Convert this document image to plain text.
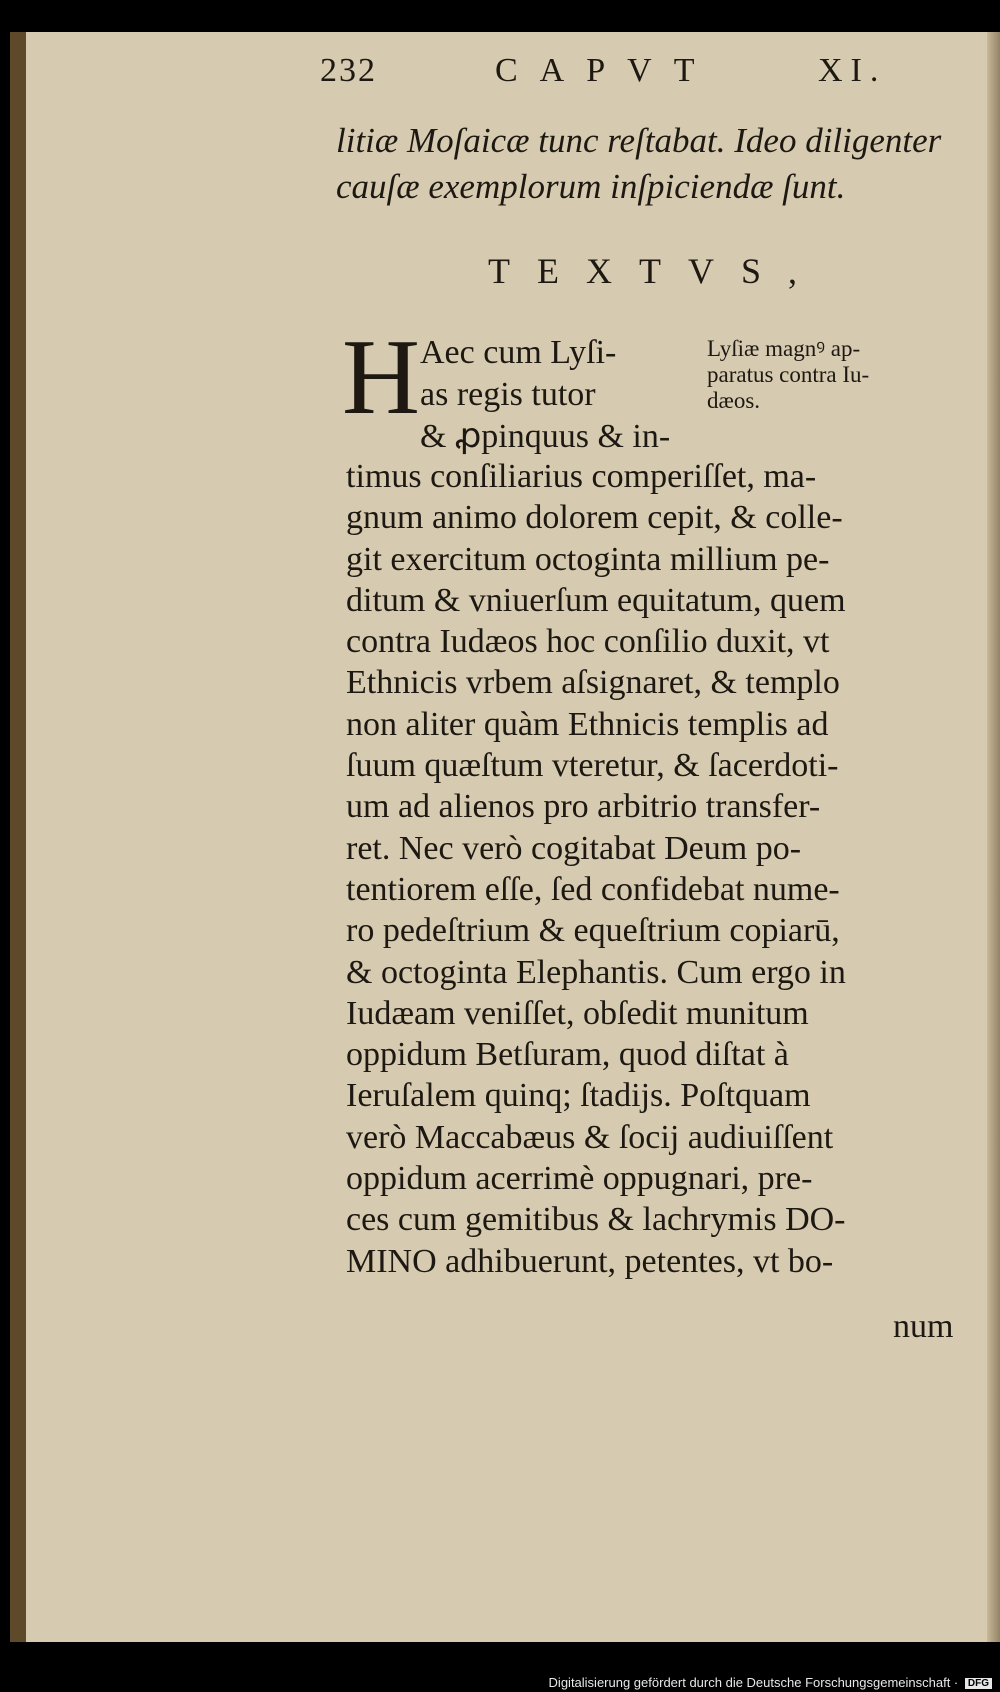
232	CAPVT	XI.
litiæ Moſaicæ tunc reſtabat. Ideo diligenter
cauſæ exemplorum inſpiciendæ ſunt.
TEXTVS,
H Aec cum Lyſi-
as regis tutor
& ꝓpinquus & in-
Lyſiæ magnꝰ ap-
paratus contra Iu-
dæos.
timus conſiliarius comperiſſet, ma-
gnum animo dolorem cepit, & colle-
git exercitum octoginta millium pe-
ditum & vniuerſum equitatum, quem
contra Iudæos hoc conſilio duxit, vt
Ethnicis vrbem aſsignaret, & templo
non aliter quàm Ethnicis templis ad
ſuum quæſtum vteretur, & ſacerdoti-
um ad alienos pro arbitrio transfer-
ret. Nec verò cogitabat Deum po-
tentiorem eſſe, ſed confidebat nume-
ro pedeſtrium & equeſtrium copiarū,
& octoginta Elephantis. Cum ergo in
Iudæam veniſſet, obſedit munitum
oppidum Betſuram, quod diſtat à
Ieruſalem quinq; ſtadijs. Poſtquam
verò Maccabæus & ſocij audiuiſſent
oppidum acerrimè oppugnari, pre-
ces cum gemitibus & lachrymis DO-
MINO adhibuerunt, petentes, vt bo-
num
Digitalisierung gefördert durch die Deutsche Forschungsgemeinschaft · DFG
